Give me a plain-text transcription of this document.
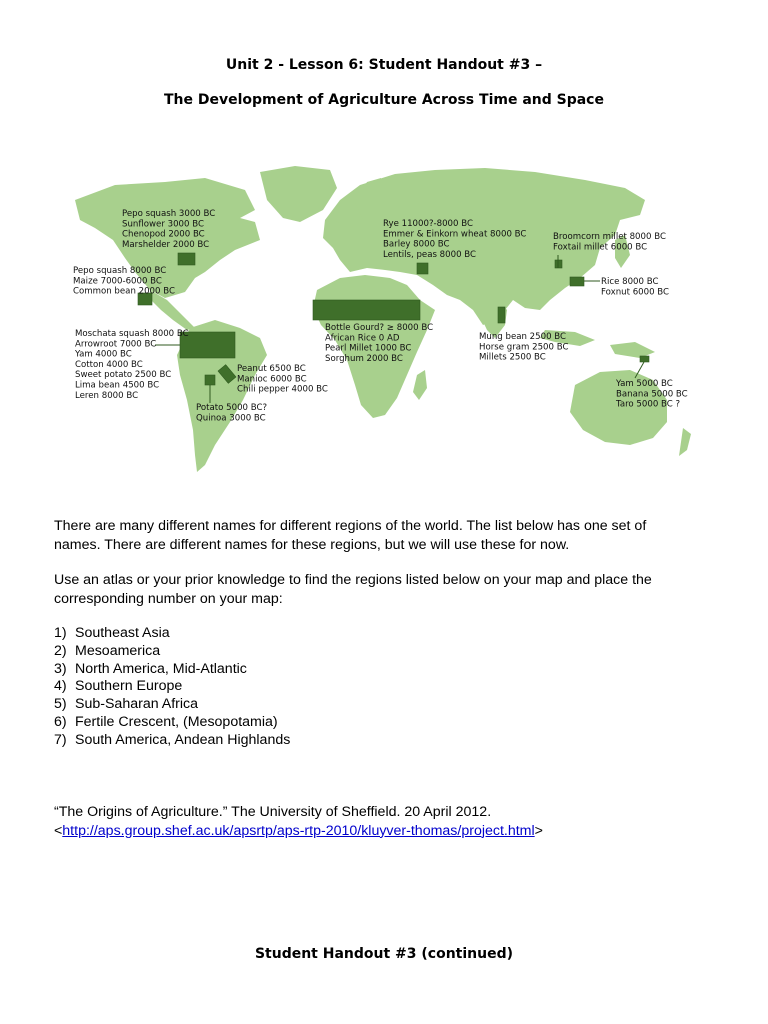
Unit 2 - Lesson 6: Student Handout #3 –
The Development of Agriculture Across Time and Space
Pepo squash 3000 BC
Sunflower 3000 BC
Chenopod 2000 BC
Marshelder 2000 BC
Pepo squash 8000 BC
Maize 7000-6000 BC
Common bean 2000 BC
Moschata squash 8000 BC
Arrowroot 7000 BC
Yam 4000 BC
Cotton 4000 BC
Sweet potato 2500 BC
Lima bean 4500 BC
Leren 8000 BC
Peanut 6500 BC
Manioc 6000 BC
Chili pepper 4000 BC
Potato 5000 BC?
Quinoa 3000 BC
Rye 11000?-8000 BC
Emmer & Einkorn wheat 8000 BC
Barley 8000 BC
Lentils, peas 8000 BC
Bottle Gourd? ≥ 8000 BC
African Rice 0 AD
Pearl Millet 1000 BC
Sorghum 2000 BC
Mung bean 2500 BC
Horse gram 2500 BC
Millets 2500 BC
Broomcorn millet 8000 BC
Foxtail millet 6000 BC
Rice 8000 BC
Foxnut 6000 BC
Yam 5000 BC
Banana 5000 BC
Taro 5000 BC ?
There are many different names for different regions of the world. The list below has one set of
names. There are different names for these regions, but we will use these for now.
Use an atlas or your prior knowledge to find the regions listed below on your map and place the
corresponding number on your map:
1) Southeast Asia
2) Mesoamerica
3) North America, Mid-Atlantic
4) Southern Europe
5) Sub-Saharan Africa
6) Fertile Crescent, (Mesopotamia)
7) South America, Andean Highlands
“The Origins of Agriculture.” The University of Sheffield. 20 April 2012.
<http://aps.group.shef.ac.uk/apsrtp/aps-rtp-2010/kluyver-thomas/project.html>
Student Handout #3 (continued)
